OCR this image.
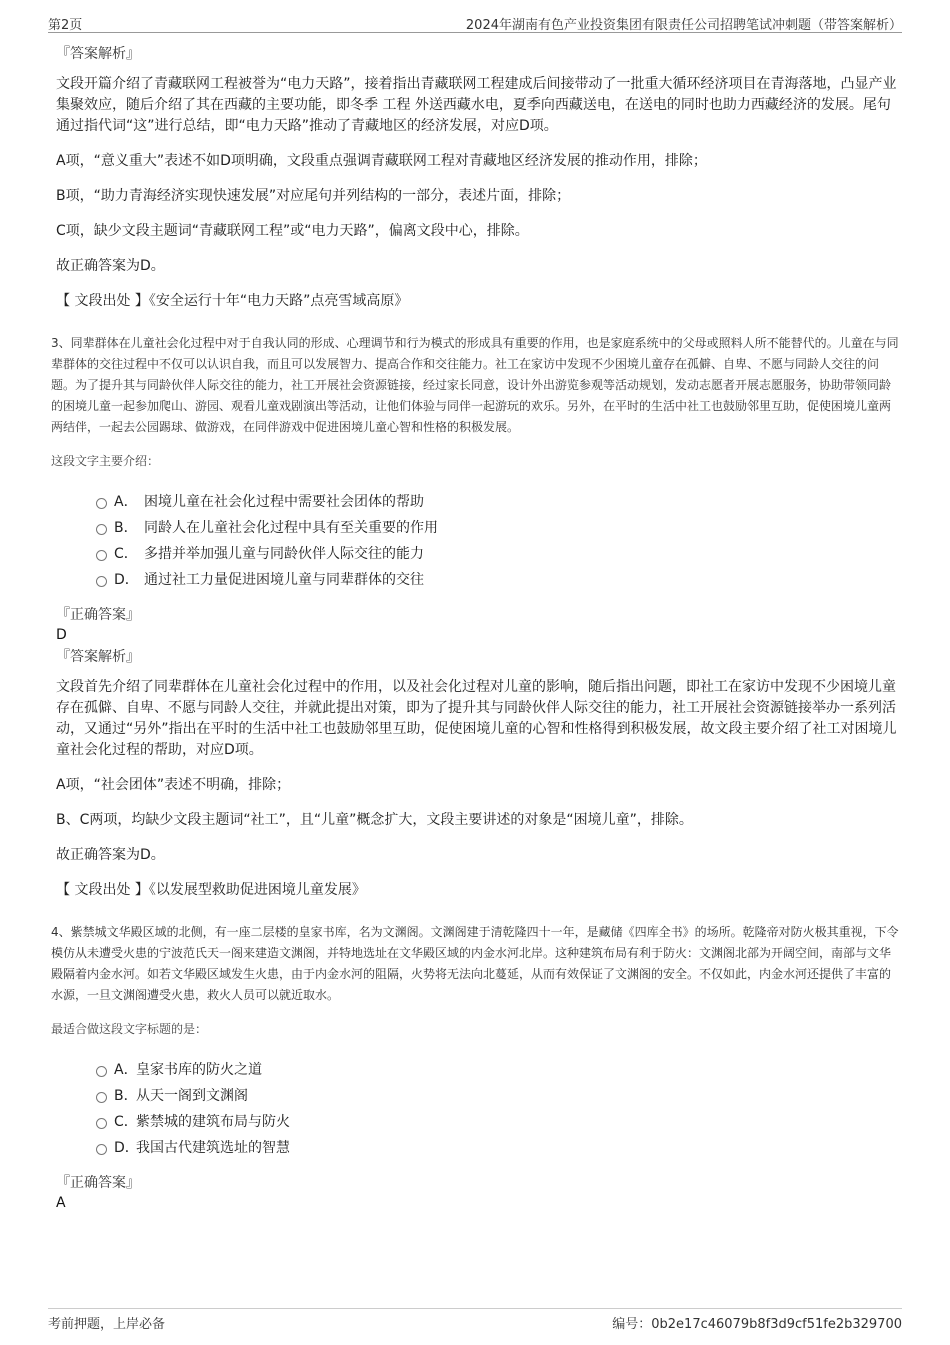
第2页	2024年湖南有色产业投资集团有限责任公司招聘笔试冲刺题（带答案解析）
『答案解析』

文段开篇介绍了青藏联网工程被誉为“电力天路”，接着指出青藏联网工程建成后间接带动了一批重大循环经济项目在青海落地，凸显产业集聚效应，随后介绍了其在西藏的主要功能，即冬季 工程 外送西藏水电，夏季向西藏送电，在送电的同时也助力西藏经济的发展。尾句通过指代词“这”进行总结，即“电力天路”推动了青藏地区的经济发展，对应D项。

A项，“意义重大”表述不如D项明确，文段重点强调青藏联网工程对青藏地区经济发展的推动作用，排除；

B项，“助力青海经济实现快速发展”对应尾句并列结构的一部分，表述片面，排除；

C项，缺少文段主题词“青藏联网工程”或“电力天路”，偏离文段中心，排除。

故正确答案为D。

【 文段出处 】《安全运行十年“电力天路”点亮雪域高原》

3、同辈群体在儿童社会化过程中对于自我认同的形成、心理调节和行为模式的形成具有重要的作用，也是家庭系统中的父母或照料人所不能替代的。儿童在与同辈群体的交往过程中不仅可以认识自我，而且可以发展智力、提高合作和交往能力。社工在家访中发现不少困境儿童存在孤僻、自卑、不愿与同龄人交往的问题。为了提升其与同龄伙伴人际交往的能力，社工开展社会资源链接，经过家长同意，设计外出游览参观等活动规划，发动志愿者开展志愿服务，协助带领同龄的困境儿童一起参加爬山、游园、观看儿童戏剧演出等活动，让他们体验与同伴一起游玩的欢乐。另外，在平时的生活中社工也鼓励邻里互助，促使困境儿童两两结伴，一起去公园踢球、做游戏，在同伴游戏中促进困境儿童心智和性格的积极发展。

这段文字主要介绍：

A． 困境儿童在社会化过程中需要社会团体的帮助
B． 同龄人在儿童社会化过程中具有至关重要的作用
C． 多措并举加强儿童与同龄伙伴人际交往的能力
D． 通过社工力量促进困境儿童与同辈群体的交往
『正确答案』
D
『答案解析』

文段首先介绍了同辈群体在儿童社会化过程中的作用，以及社会化过程对儿童的影响，随后指出问题，即社工在家访中发现不少困境儿童存在孤僻、自卑、不愿与同龄人交往，并就此提出对策，即为了提升其与同龄伙伴人际交往的能力，社工开展社会资源链接举办一系列活动，又通过“另外”指出在平时的生活中社工也鼓励邻里互助，促使困境儿童的心智和性格得到积极发展，故文段主要介绍了社工对困境儿童社会化过程的帮助，对应D项。

A项，“社会团体”表述不明确，排除；

B、C两项，均缺少文段主题词“社工”，且“儿童”概念扩大，文段主要讲述的对象是“困境儿童”，排除。

故正确答案为D。

【 文段出处 】《以发展型救助促进困境儿童发展》

4、紫禁城文华殿区域的北侧，有一座二层楼的皇家书库，名为文渊阁。文渊阁建于清乾隆四十一年，是藏储《四库全书》的场所。乾隆帝对防火极其重视，下令模仿从未遭受火患的宁波范氏天一阁来建造文渊阁，并特地选址在文华殿区域的内金水河北岸。这种建筑布局有利于防火：文渊阁北部为开阔空间，南部与文华殿隔着内金水河。如若文华殿区域发生火患，由于内金水河的阻隔，火势将无法向北蔓延，从而有效保证了文渊阁的安全。不仅如此，内金水河还提供了丰富的水源，一旦文渊阁遭受火患，救火人员可以就近取水。

最适合做这段文字标题的是：

A．皇家书库的防火之道
B．从天一阁到文渊阁
C．紫禁城的建筑布局与防火
D．我国古代建筑选址的智慧
『正确答案』
A
考前押题，上岸必备	编号：0b2e17c46079b8f3d9cf51fe2b329700
